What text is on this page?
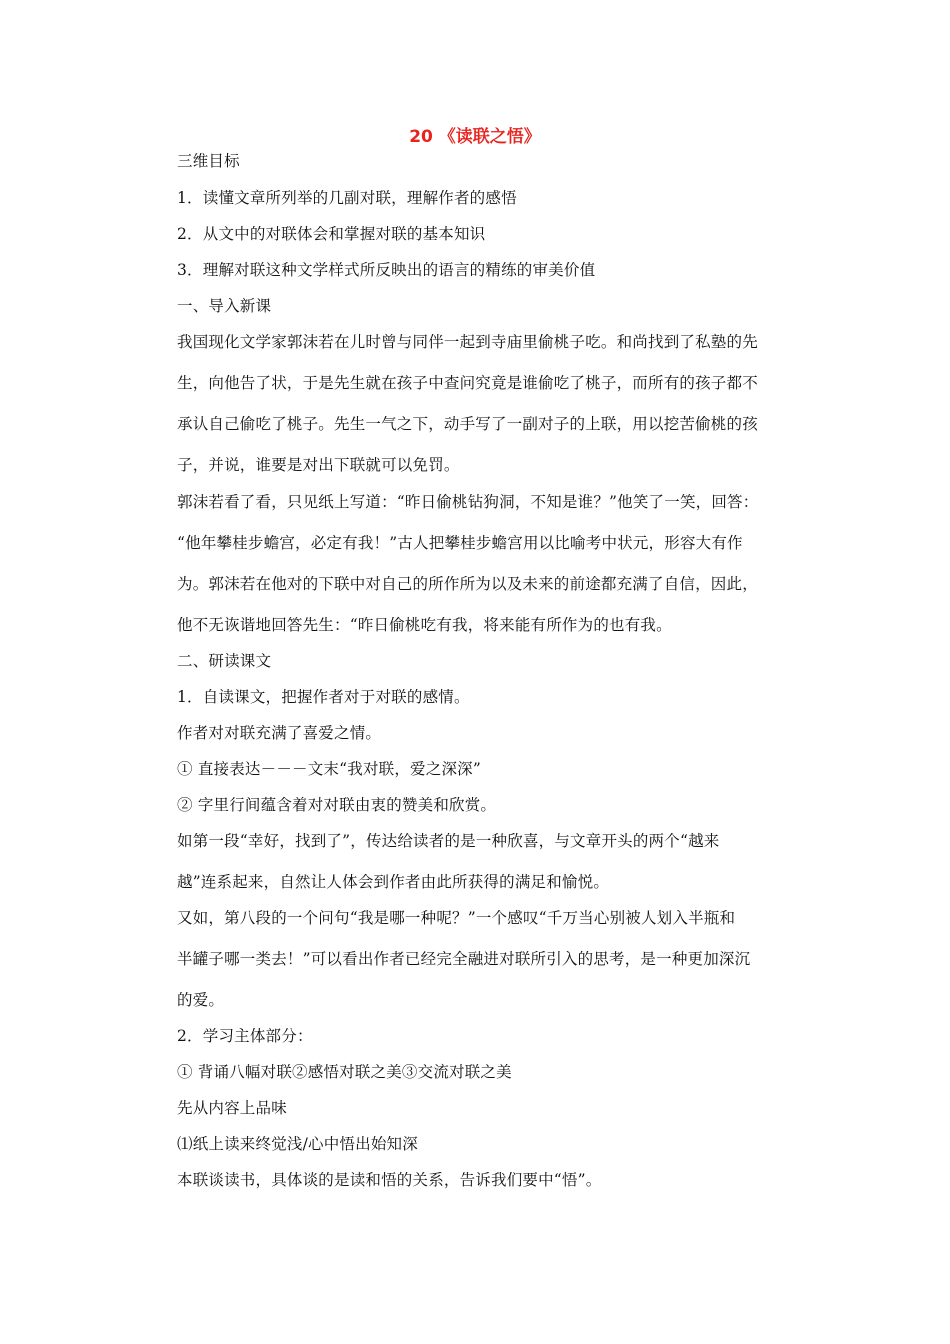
20 《读联之悟》
三维目标
1．读懂文章所列举的几副对联，理解作者的感悟
2．从文中的对联体会和掌握对联的基本知识
3．理解对联这种文学样式所反映出的语言的精练的审美价值
一、导入新课
我国现化文学家郭沫若在儿时曾与同伴一起到寺庙里偷桃子吃。和尚找到了私塾的先
生，向他告了状，于是先生就在孩子中查问究竟是谁偷吃了桃子，而所有的孩子都不
承认自己偷吃了桃子。先生一气之下，动手写了一副对子的上联，用以挖苦偷桃的孩
子，并说，谁要是对出下联就可以免罚。
郭沫若看了看，只见纸上写道：“昨日偷桃钻狗洞，不知是谁？”他笑了一笑，回答：
“他年攀桂步蟾宫，必定有我！”古人把攀桂步蟾宫用以比喻考中状元，形容大有作
为。郭沫若在他对的下联中对自己的所作所为以及未来的前途都充满了自信，因此，
他不无诙谐地回答先生：“昨日偷桃吃有我，将来能有所作为的也有我。
二、研读课文
1．自读课文，把握作者对于对联的感情。
作者对对联充满了喜爱之情。
① 直接表达－－－文末“我对联，爱之深深”
② 字里行间蕴含着对对联由衷的赞美和欣赏。
如第一段“幸好，找到了”，传达给读者的是一种欣喜，与文章开头的两个“越来
越”连系起来，自然让人体会到作者由此所获得的满足和愉悦。
又如，第八段的一个问句“我是哪一种呢？”一个感叹“千万当心别被人划入半瓶和
半罐子哪一类去！”可以看出作者已经完全融进对联所引入的思考，是一种更加深沉
的爱。
2．学习主体部分：
① 背诵八幅对联②感悟对联之美③交流对联之美
先从内容上品味
⑴纸上读来终觉浅/心中悟出始知深
本联谈读书，具体谈的是读和悟的关系，告诉我们要中“悟”。
